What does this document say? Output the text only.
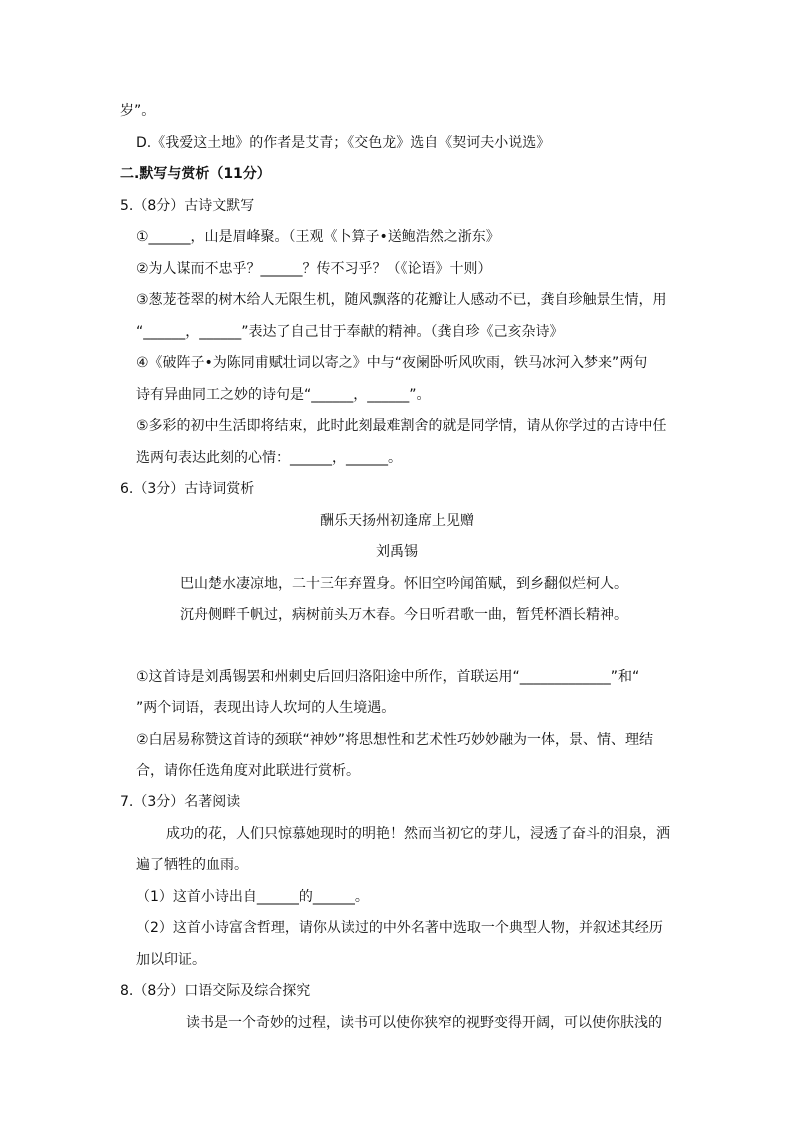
岁”。
D.《我爱这土地》的作者是艾青；《交色龙》选自《契诃夫小说选》
二.默写与赏析（11分）
5.（8分）古诗文默写
①______，山是眉峰聚。（王观《卜算子•送鲍浩然之浙东》
②为人谋而不忠乎？______？传不习乎？（《论语》十则）
③葱茏苍翠的树木给人无限生机，随风飘落的花瓣让人感动不已，龚自珍触景生情，用
“______，______”表达了自己甘于奉献的精神。（龚自珍《己亥杂诗》
④《破阵子•为陈同甫赋壮词以寄之》中与“夜阑卧听风吹雨，铁马冰河入梦来”两句
诗有异曲同工之妙的诗句是“______，______”。
⑤多彩的初中生活即将结束，此时此刻最难割舍的就是同学情，请从你学过的古诗中任
选两句表达此刻的心情：______，______。
6.（3分）古诗词赏析
酬乐天扬州初逢席上见赠
刘禹锡
巴山楚水凄凉地，二十三年弃置身。怀旧空吟闻笛赋，到乡翻似烂柯人。
沉舟侧畔千帆过，病树前头万木春。今日听君歌一曲，暂凭杯酒长精神。
①这首诗是刘禹锡罢和州刺史后回归洛阳途中所作，首联运用“_____________”和“
”两个词语，表现出诗人坎坷的人生境遇。
②白居易称赞这首诗的颈联“神妙”将思想性和艺术性巧妙妙融为一体，景、情、理结
合，请你任选角度对此联进行赏析。
7.（3分）名著阅读
成功的花，人们只惊慕她现时的明艳！然而当初它的芽儿，浸透了奋斗的泪泉，洒
遍了牺牲的血雨。
（1）这首小诗出自______的______。
（2）这首小诗富含哲理，请你从读过的中外名著中选取一个典型人物，并叙述其经历
加以印证。
8.（8分）口语交际及综合探究
读书是一个奇妙的过程，读书可以使你狭窄的视野变得开阔，可以使你肤浅的
